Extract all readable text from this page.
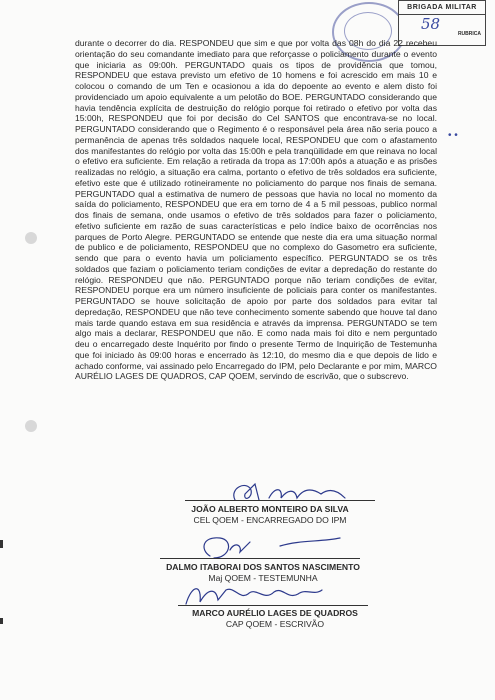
BRIGADA MILITAR
58
RUBRICA
• •

durante o decorrer do dia. RESPONDEU que sim e que por volta das 08h do dia 22 recebeu orientação do seu comandante imediato para que reforçasse o policiamento durante o evento que iniciaria as 09:00h. PERGUNTADO quais os tipos de providência que tomou, RESPONDEU que estava previsto um efetivo de 10 homens e foi acrescido em mais 10 e colocou o comando de um Ten e ocasionou a ida do depoente ao evento e alem disto foi providenciado um apoio equivalente a um pelotão do BOE. PERGUNTADO considerando que havia tendência explícita de destruição do relógio porque foi retirado o efetivo por volta das 15:00h, RESPONDEU que foi por decisão do Cel SANTOS que encontrava-se no local. PERGUNTADO considerando que o Regimento é o responsável pela área não seria pouco a permanência de apenas três soldados naquele local, RESPONDEU que com o afastamento dos manifestantes do relógio por volta das 15:00h e pela tranqüilidade em que reinava no local o efetivo era suficiente. Em relação a retirada da tropa as 17:00h após a atuação e as prisões realizadas no relógio, a situação era calma, portanto o efetivo de três soldados era suficiente, efetivo este que é utilizado rotineiramente no policiamento do parque nos finais de semana. PERGUNTADO qual a estimativa de numero de pessoas que havia no local no momento da saída do policiamento, RESPONDEU que era em torno de 4 a 5 mil pessoas, publico normal dos finais de semana, onde usamos o efetivo de três soldados para fazer o policiamento, efetivo suficiente em razão de suas características e pelo índice baixo de ocorrências nos parques de Porto Alegre. PERGUNTADO se entende que neste dia era uma situação normal de publico e de policiamento, RESPONDEU que no complexo do Gasometro era suficiente, sendo que para o evento havia um policiamento específico. PERGUNTADO se os três soldados que faziam o policiamento teriam condições de evitar a depredação do restante do relógio. RESPONDEU que não. PERGUNTADO porque não teriam condições de evitar, RESPONDEU porque era um número insuficiente de policiais para conter os manifestantes. PERGUNTADO se houve solicitação de apoio por parte dos soldados para evitar tal depredação, RESPONDEU que não teve conhecimento somente sabendo que houve tal dano mais tarde quando estava em sua residência e através da imprensa. PERGUNTADO se tem algo mais a declarar, RESPONDEU que não. E como nada mais foi dito e nem perguntado deu o encarregado deste Inquérito por findo o presente Termo de Inquirição de Testemunha que foi iniciado às 09:00 horas e encerrado às 12:10, do mesmo dia e que depois de lido e achado conforme, vai assinado pelo Encarregado do IPM, pelo Declarante e por mim, MARCO AURÉLIO LAGES DE QUADROS, CAP QOEM, servindo de escrivão, que o subscrevo.

JOÃO ALBERTO MONTEIRO DA SILVA

CEL QOEM - ENCARREGADO DO IPM

DALMO ITABORAI DOS SANTOS NASCIMENTO

Maj QOEM - TESTEMUNHA

MARCO AURÉLIO LAGES DE QUADROS

CAP QOEM - ESCRIVÃO
